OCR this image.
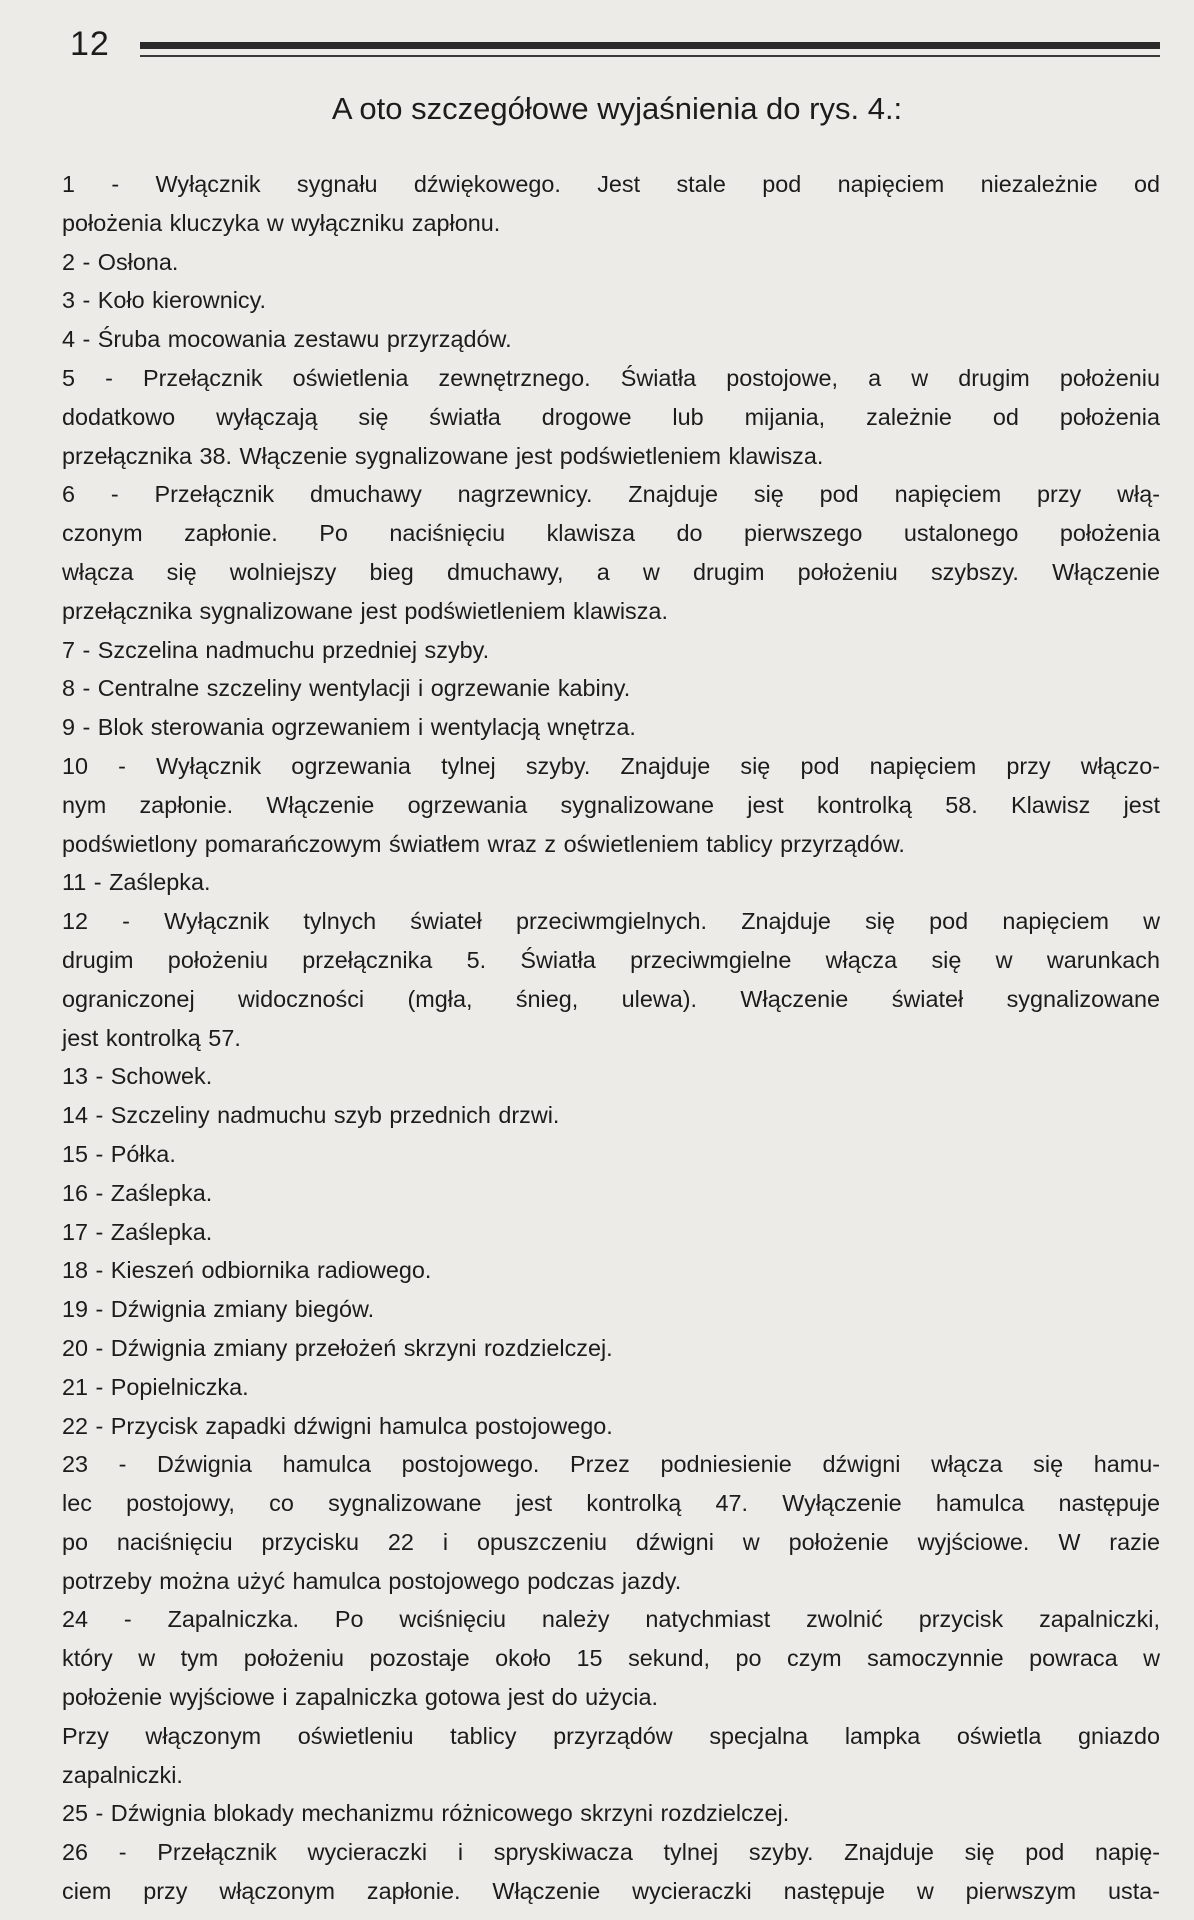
12
A oto szczegółowe wyjaśnienia do rys. 4.:
1 - Wyłącznik sygnału dźwiękowego. Jest stale pod napięciem niezależnie od
położenia kluczyka w wyłączniku zapłonu.
2 - Osłona.
3 - Koło kierownicy.
4 - Śruba mocowania zestawu przyrządów.
5 - Przełącznik oświetlenia zewnętrznego. Światła postojowe, a w drugim położeniu
dodatkowo wyłączają się światła drogowe lub mijania, zależnie od położenia
przełącznika 38. Włączenie sygnalizowane jest podświetleniem klawisza.
6 - Przełącznik dmuchawy nagrzewnicy. Znajduje się pod napięciem przy włą-
czonym zapłonie. Po naciśnięciu klawisza do pierwszego ustalonego położenia
włącza się wolniejszy bieg dmuchawy, a w drugim położeniu szybszy. Włączenie
przełącznika sygnalizowane jest podświetleniem klawisza.
7 - Szczelina nadmuchu przedniej szyby.
8 - Centralne szczeliny wentylacji i ogrzewanie kabiny.
9 - Blok sterowania ogrzewaniem i wentylacją wnętrza.
10 - Wyłącznik ogrzewania tylnej szyby. Znajduje się pod napięciem przy włączo-
nym zapłonie. Włączenie ogrzewania sygnalizowane jest kontrolką 58. Klawisz jest
podświetlony pomarańczowym światłem wraz z oświetleniem tablicy przyrządów.
11 - Zaślepka.
12 - Wyłącznik tylnych świateł przeciwmgielnych. Znajduje się pod napięciem w
drugim położeniu przełącznika 5. Światła przeciwmgielne włącza się w warunkach
ograniczonej widoczności (mgła, śnieg, ulewa). Włączenie świateł sygnalizowane
jest kontrolką 57.
13 - Schowek.
14 - Szczeliny nadmuchu szyb przednich drzwi.
15 - Półka.
16 - Zaślepka.
17 - Zaślepka.
18 - Kieszeń odbiornika radiowego.
19 - Dźwignia zmiany biegów.
20 - Dźwignia zmiany przełożeń skrzyni rozdzielczej.
21 - Popielniczka.
22 - Przycisk zapadki dźwigni hamulca postojowego.
23 - Dźwignia hamulca postojowego. Przez podniesienie dźwigni włącza się hamu-
lec postojowy, co sygnalizowane jest kontrolką 47. Wyłączenie hamulca następuje
po naciśnięciu przycisku 22 i opuszczeniu dźwigni w położenie wyjściowe. W razie
potrzeby można użyć hamulca postojowego podczas jazdy.
24 - Zapalniczka. Po wciśnięciu należy natychmiast zwolnić przycisk zapalniczki,
który w tym położeniu pozostaje około 15 sekund, po czym samoczynnie powraca w
położenie wyjściowe i zapalniczka gotowa jest do użycia.
Przy włączonym oświetleniu tablicy przyrządów specjalna lampka oświetla gniazdo
zapalniczki.
25 - Dźwignia blokady mechanizmu różnicowego skrzyni rozdzielczej.
26 - Przełącznik wycieraczki i spryskiwacza tylnej szyby. Znajduje się pod napię-
ciem przy włączonym zapłonie. Włączenie wycieraczki następuje w pierwszym usta-
